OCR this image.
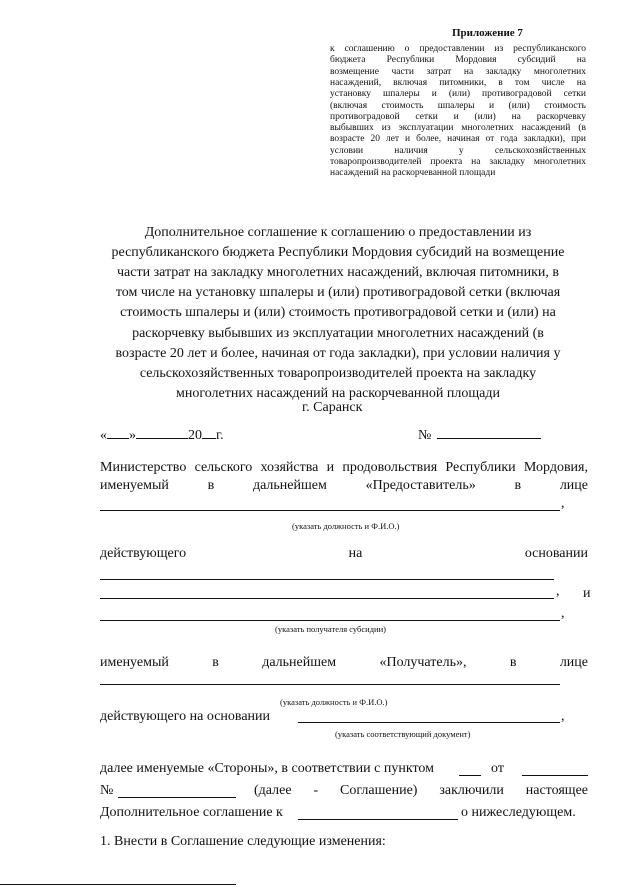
Приложение 7
к соглашению о предоставлении из республиканского
бюджета Республики Мордовия субсидий на
возмещение части затрат на закладку многолетних
насаждений, включая питомники, в том числе на
установку шпалеры и (или) противоградовой сетки
(включая стоимость шпалеры и (или) стоимость
противоградовой сетки и (или) на раскорчевку
выбывших из эксплуатации многолетних насаждений (в
возрасте 20 лет и более, начиная от года закладки), при
условии наличия у сельскохозяйственных
товаропроизводителей проекта на закладку многолетних
насаждений на раскорчеванной площади
Дополнительное соглашение к соглашению о предоставлении из
республиканского бюджета Республики Мордовия субсидий на возмещение
части затрат на закладку многолетних насаждений, включая питомники, в
том числе на установку шпалеры и (или) противоградовой сетки (включая
стоимость шпалеры и (или) стоимость противоградовой сетки и (или) на
раскорчевку выбывших из эксплуатации многолетних насаждений (в
возрасте 20 лет и более, начиная от года закладки), при условии наличия у
сельскохозяйственных товаропроизводителей проекта на закладку
многолетних насаждений на раскорчеванной площади
г. Саранск
« »	20 г.	№
Министерство сельского хозяйства и продовольствия Республики Мордовия,
именуемый	в	дальнейшем	«Предоставитель»	в	лице
,
(указать должность и Ф.И.О.)
действующего	на	основании
, и
,
(указать получателя субсидии)
именуемый	в	дальнейшем	«Получатель»,	в	лице
(указать должность и Ф.И.О.)
действующего на основании	,
(указать соответствующий документ)
далее именуемые «Стороны», в соответствии с пунктом	от
№	(далее - Соглашение) заключили настоящее
Дополнительное соглашение к	о нижеследующем.
1. Внести в Соглашение следующие изменения:
